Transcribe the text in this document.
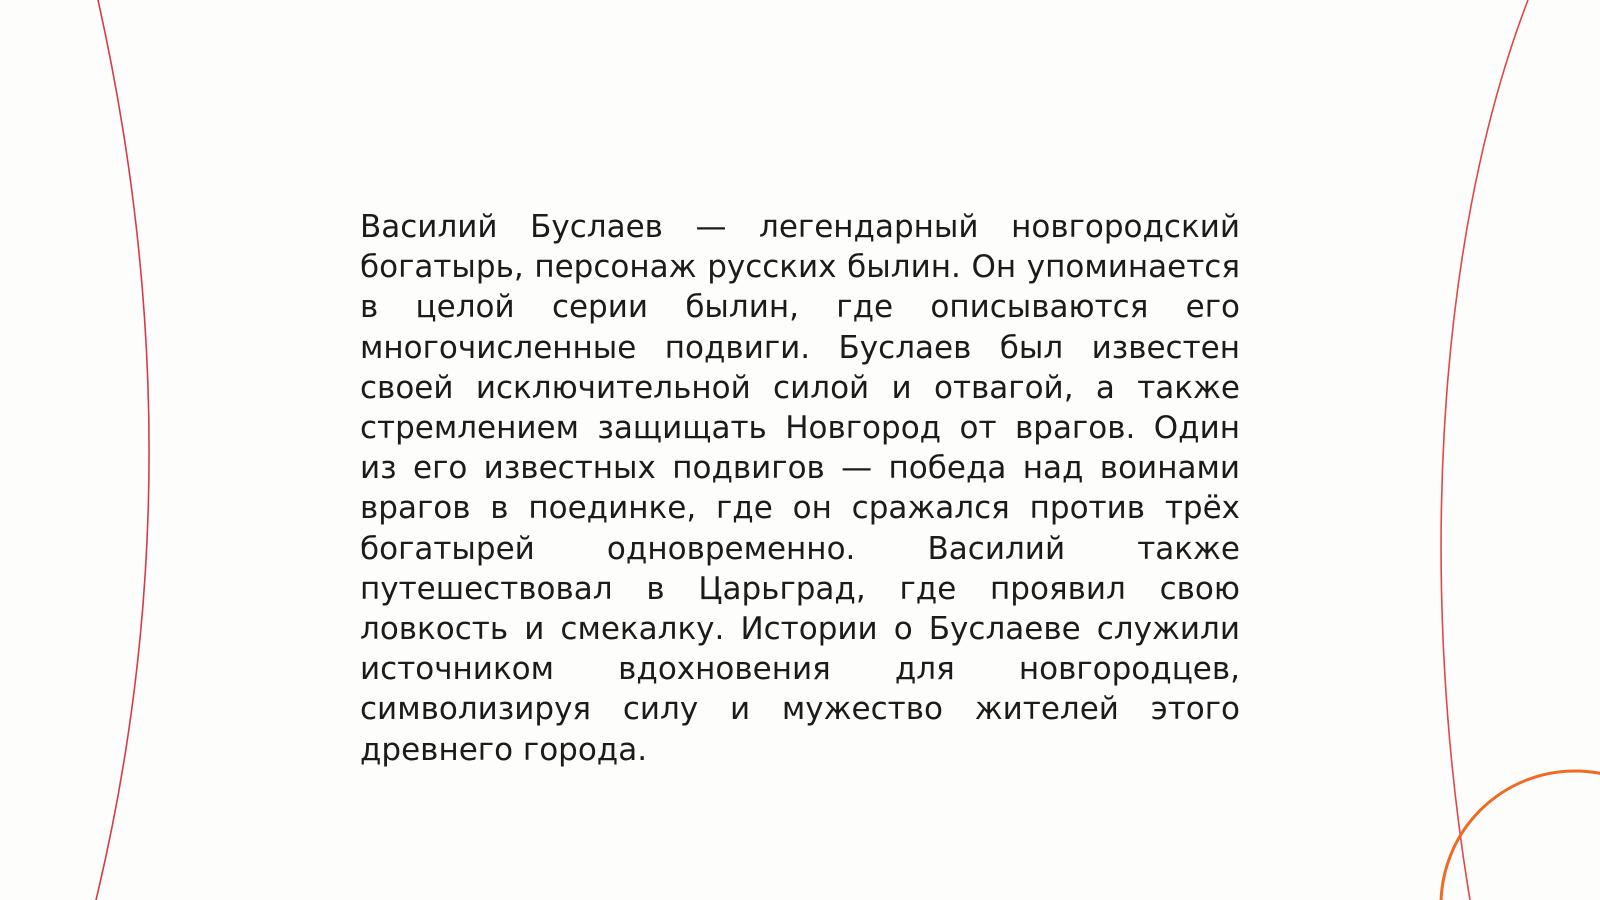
Василий Буслаев — легендарный новгородский богатырь, персонаж русских былин. Он упоминается в целой серии былин, где описываются его многочисленные подвиги. Буслаев был известен своей исключительной силой и отвагой, а также стремлением защищать Новгород от врагов. Один из его известных подвигов — победа над воинами врагов в поединке, где он сражался против трёх богатырей одновременно. Василий также путешествовал в Царьград, где проявил свою ловкость и смекалку. Истории о Буслаеве служили источником вдохновения для новгородцев, символизируя силу и мужество жителей этого древнего города.
